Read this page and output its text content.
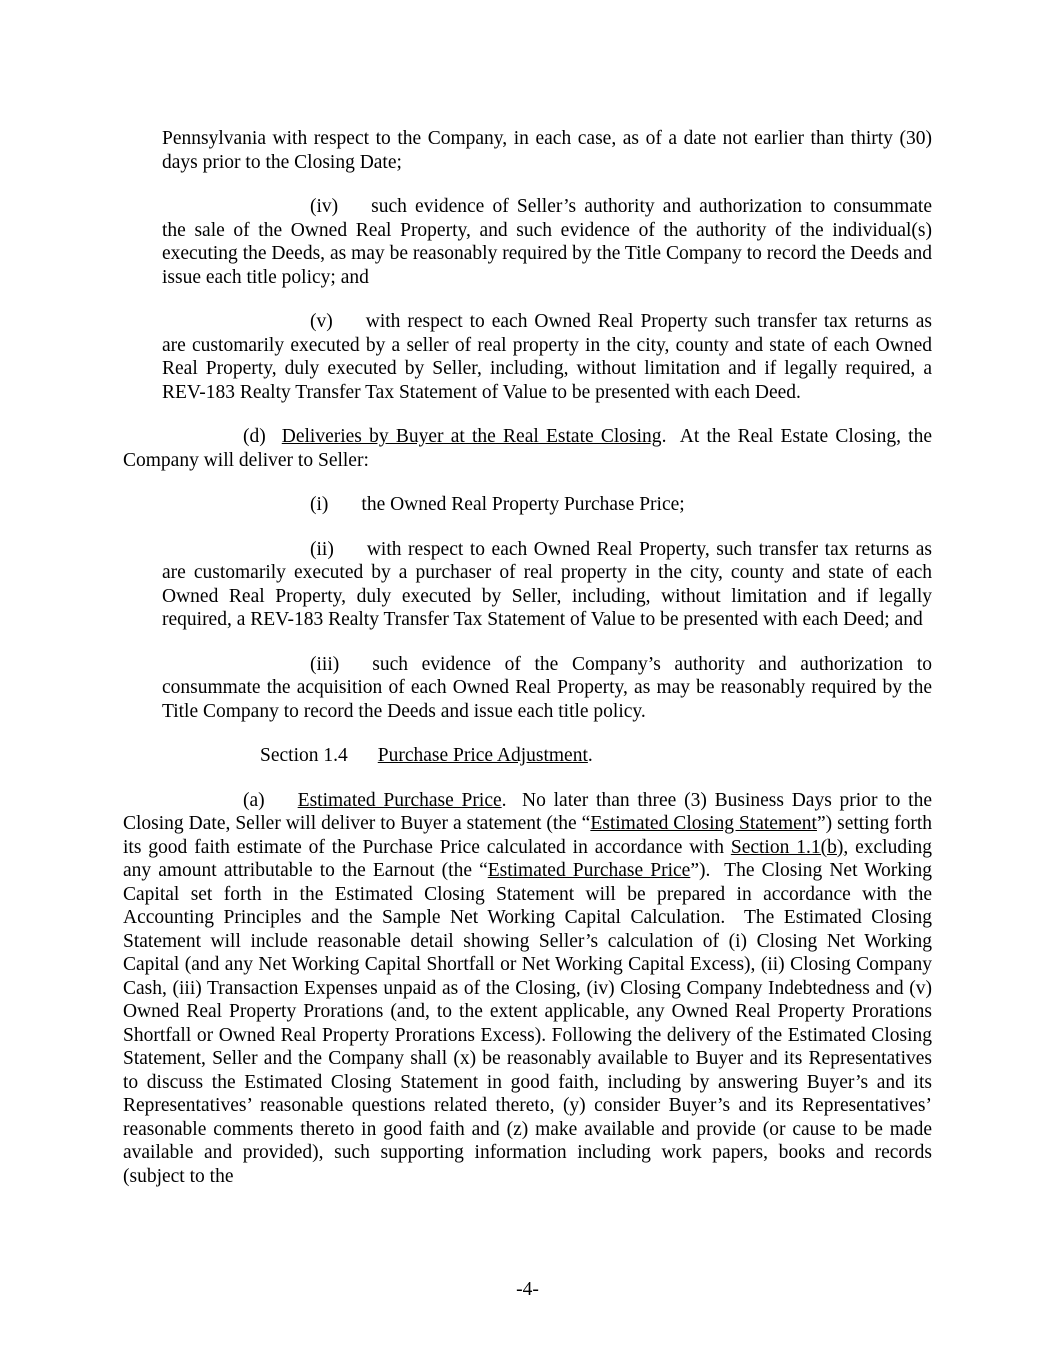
Pennsylvania with respect to the Company, in each case, as of a date not earlier than thirty (30) days prior to the Closing Date;

(iv) such evidence of Seller’s authority and authorization to consummate the sale of the Owned Real Property, and such evidence of the authority of the individual(s) executing the Deeds, as may be reasonably required by the Title Company to record the Deeds and issue each title policy; and

(v) with respect to each Owned Real Property such transfer tax returns as are customarily executed by a seller of real property in the city, county and state of each Owned Real Property, duly executed by Seller, including, without limitation and if legally required, a REV-183 Realty Transfer Tax Statement of Value to be presented with each Deed.

(d) Deliveries by Buyer at the Real Estate Closing.  At the Real Estate Closing, the Company will deliver to Seller:

(i) the Owned Real Property Purchase Price;

(ii) with respect to each Owned Real Property, such transfer tax returns as are customarily executed by a purchaser of real property in the city, county and state of each Owned Real Property, duly executed by Seller, including, without limitation and if legally required, a REV-183 Realty Transfer Tax Statement of Value to be presented with each Deed; and

(iii) such evidence of the Company’s authority and authorization to consummate the acquisition of each Owned Real Property, as may be reasonably required by the Title Company to record the Deeds and issue each title policy.

Section 1.4 Purchase Price Adjustment.

(a) Estimated Purchase Price.  No later than three (3) Business Days prior to the Closing Date, Seller will deliver to Buyer a statement (the “Estimated Closing Statement”) setting forth its good faith estimate of the Purchase Price calculated in accordance with Section 1.1(b), excluding any amount attributable to the Earnout (the “Estimated Purchase Price”).  The Closing Net Working Capital set forth in the Estimated Closing Statement will be prepared in accordance with the Accounting Principles and the Sample Net Working Capital Calculation.  The Estimated Closing Statement will include reasonable detail showing Seller’s calculation of (i) Closing Net Working Capital (and any Net Working Capital Shortfall or Net Working Capital Excess), (ii) Closing Company Cash, (iii) Transaction Expenses unpaid as of the Closing, (iv) Closing Company Indebtedness and (v) Owned Real Property Prorations (and, to the extent applicable, any Owned Real Property Prorations Shortfall or Owned Real Property Prorations Excess). Following the delivery of the Estimated Closing Statement, Seller and the Company shall (x) be reasonably available to Buyer and its Representatives to discuss the Estimated Closing Statement in good faith, including by answering Buyer’s and its Representatives’ reasonable questions related thereto, (y) consider Buyer’s and its Representatives’ reasonable comments thereto in good faith and (z) make available and provide (or cause to be made available and provided), such supporting information including work papers, books and records (subject to the

-4-
